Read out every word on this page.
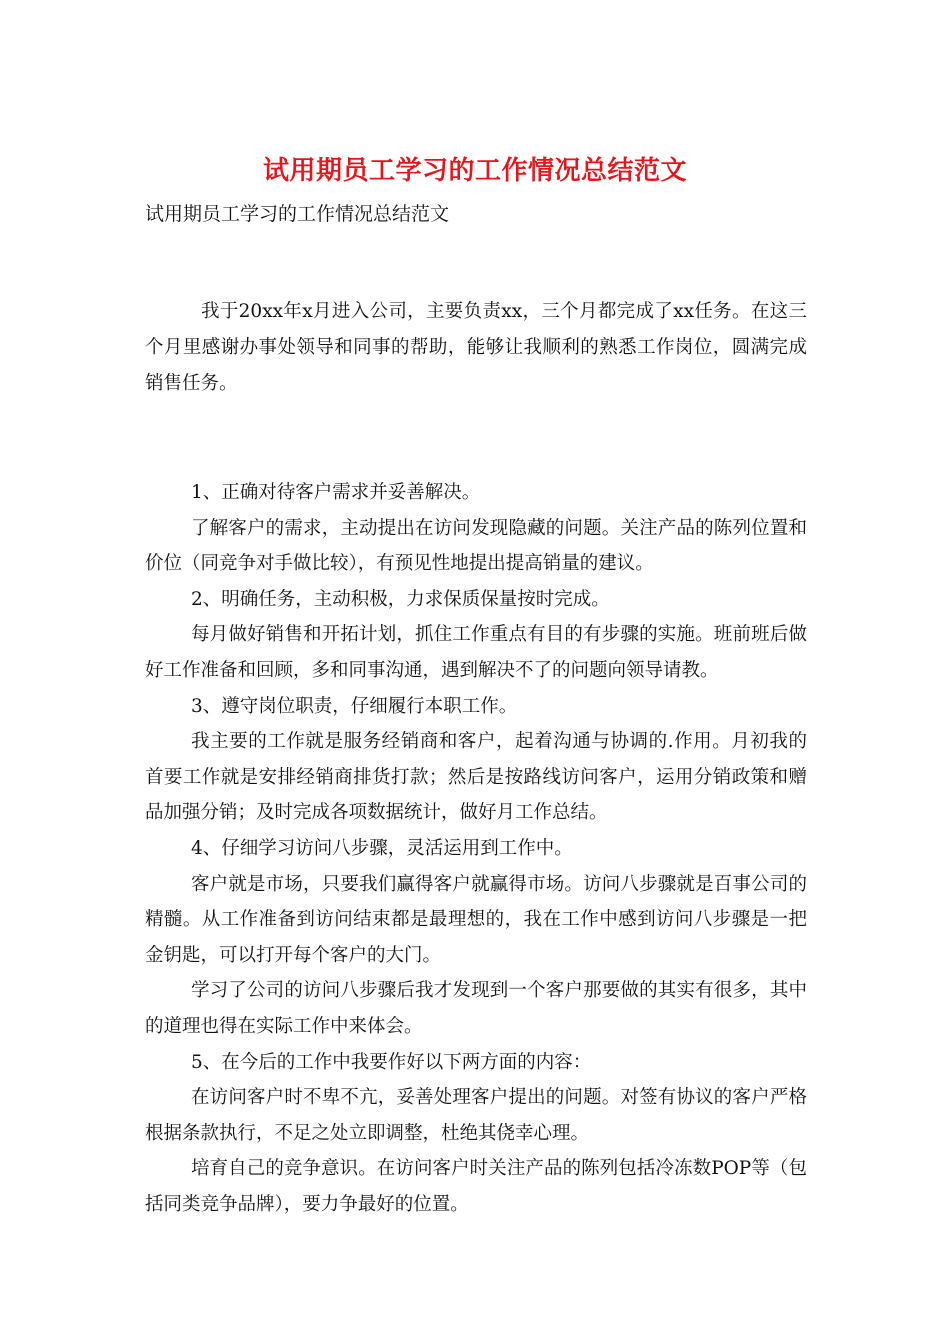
试用期员工学习的工作情况总结范文

试用期员工学习的工作情况总结范文

我于20xx年x月进入公司，主要负责xx，三个月都完成了xx任务。在这三个月里感谢办事处领导和同事的帮助，能够让我顺利的熟悉工作岗位，圆满完成销售任务。

1、正确对待客户需求并妥善解决。

了解客户的需求，主动提出在访问发现隐藏的问题。关注产品的陈列位置和价位（同竞争对手做比较），有预见性地提出提高销量的建议。

2、明确任务，主动积极，力求保质保量按时完成。

每月做好销售和开拓计划，抓住工作重点有目的有步骤的实施。班前班后做好工作准备和回顾，多和同事沟通，遇到解决不了的问题向领导请教。

3、遵守岗位职责，仔细履行本职工作。

我主要的工作就是服务经销商和客户，起着沟通与协调的.作用。月初我的首要工作就是安排经销商排货打款；然后是按路线访问客户，运用分销政策和赠品加强分销；及时完成各项数据统计，做好月工作总结。

4、仔细学习访问八步骤，灵活运用到工作中。

客户就是市场，只要我们赢得客户就赢得市场。访问八步骤就是百事公司的精髓。从工作准备到访问结束都是最理想的，我在工作中感到访问八步骤是一把金钥匙，可以打开每个客户的大门。

学习了公司的访问八步骤后我才发现到一个客户那要做的其实有很多，其中的道理也得在实际工作中来体会。

5、在今后的工作中我要作好以下两方面的内容：

在访问客户时不卑不亢，妥善处理客户提出的问题。对签有协议的客户严格根据条款执行，不足之处立即调整，杜绝其侥幸心理。

培育自己的竞争意识。在访问客户时关注产品的陈列包括冷冻数POP等（包括同类竞争品牌），要力争最好的位置。
